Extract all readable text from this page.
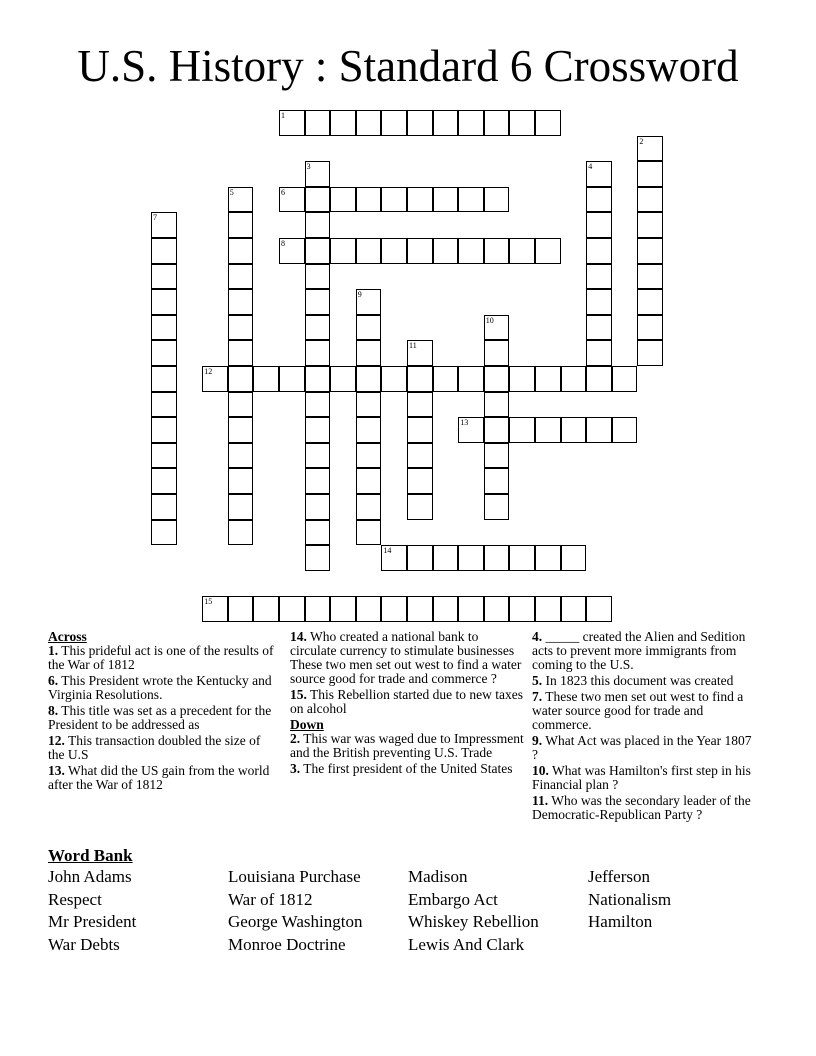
U.S. History : Standard 6 Crossword
1
6
8
12
13
14
15
2
3	4
5
7
9
10
11
Across
1. This prideful act is one of the results of the War of 1812
6. This President wrote the Kentucky and Virginia Resolutions.
8. This title was set as a precedent for the President to be addressed as
12. This transaction doubled the size of the U.S
13. What did the US gain from the world after the War of 1812
14. Who created a national bank to circulate currency to stimulate businesses These two men set out west to find a water source good for trade and commerce ?
15. This Rebellion started due to new taxes on alcohol
Down
2. This war was waged due to Impressment and the British preventing U.S. Trade
3. The first president of the United States
4. _____ created the Alien and Sedition acts to prevent more immigrants from coming to the U.S.
5. In 1823 this document was created
7. These two men set out west to find a water source good for trade and commerce.
9. What Act was placed in the Year 1807 ?
10. What was Hamilton's first step in his Financial plan ?
11. Who was the secondary leader of the Democratic-Republican Party ?
Word Bank
John Adams	Louisiana Purchase	Madison	Jefferson
Respect	War of 1812	Embargo Act	Nationalism
Mr President	George Washington	Whiskey Rebellion	Hamilton
War Debts	Monroe Doctrine	Lewis And Clark
